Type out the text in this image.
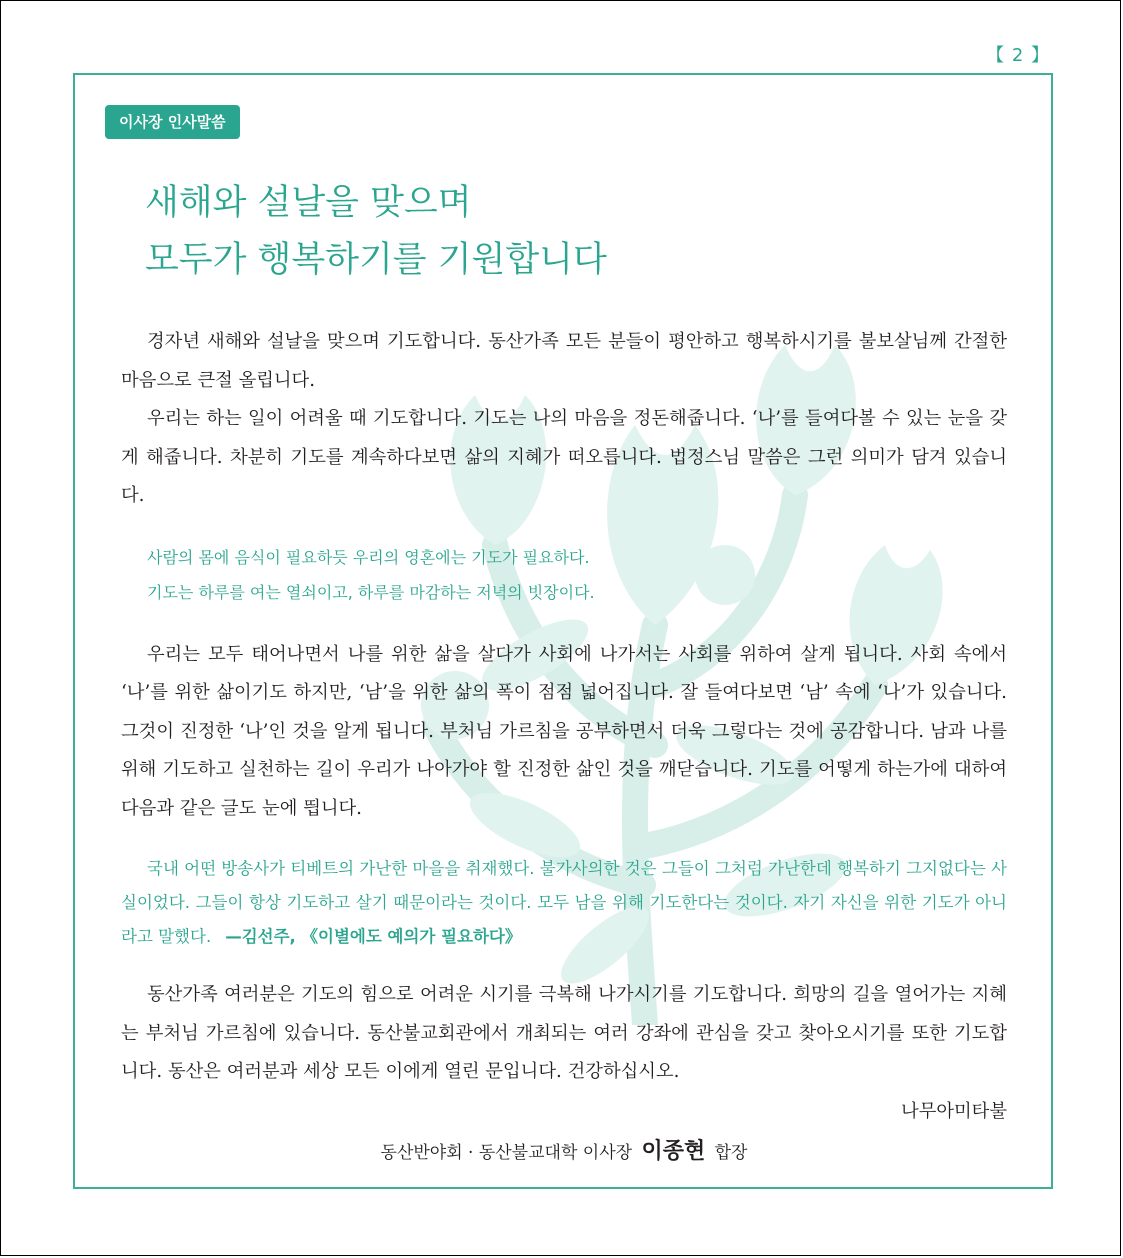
【 2 】
이사장 인사말씀
새해와 설날을 맞으며
모두가 행복하기를 기원합니다

경자년 새해와 설날을 맞으며 기도합니다. 동산가족 모든 분들이 평안하고 행복하시기를 불보살님께 간절한 마음으로 큰절 올립니다.

우리는 하는 일이 어려울 때 기도합니다. 기도는 나의 마음을 정돈해줍니다. ‘나’를 들여다볼 수 있는 눈을 갖게 해줍니다. 차분히 기도를 계속하다보면 삶의 지혜가 떠오릅니다. 법정스님 말씀은 그런 의미가 담겨 있습니다.

사람의 몸에 음식이 필요하듯 우리의 영혼에는 기도가 필요하다.
기도는 하루를 여는 열쇠이고, 하루를 마감하는 저녁의 빗장이다.

우리는 모두 태어나면서 나를 위한 삶을 살다가 사회에 나가서는 사회를 위하여 살게 됩니다. 사회 속에서 ‘나’를 위한 삶이기도 하지만, ‘남’을 위한 삶의 폭이 점점 넓어집니다. 잘 들여다보면 ‘남’ 속에 ‘나’가 있습니다. 그것이 진정한 ‘나’인 것을 알게 됩니다. 부처님 가르침을 공부하면서 더욱 그렇다는 것에 공감합니다. 남과 나를 위해 기도하고 실천하는 길이 우리가 나아가야 할 진정한 삶인 것을 깨닫습니다. 기도를 어떻게 하는가에 대하여 다음과 같은 글도 눈에 띕니다.

국내 어떤 방송사가 티베트의 가난한 마을을 취재했다. 불가사의한 것은 그들이 그처럼 가난한데 행복하기 그지없다는 사실이었다. 그들이 항상 기도하고 살기 때문이라는 것이다. 모두 남을 위해 기도한다는 것이다. 자기 자신을 위한 기도가 아니라고 말했다. —김선주, 《이별에도 예의가 필요하다》

동산가족 여러분은 기도의 힘으로 어려운 시기를 극복해 나가시기를 기도합니다. 희망의 길을 열어가는 지혜는 부처님 가르침에 있습니다. 동산불교회관에서 개최되는 여러 강좌에 관심을 갖고 찾아오시기를 또한 기도합니다. 동산은 여러분과 세상 모든 이에게 열린 문입니다. 건강하십시오.

나무아미타불
동산반야회 · 동산불교대학 이사장 이종현 합장
